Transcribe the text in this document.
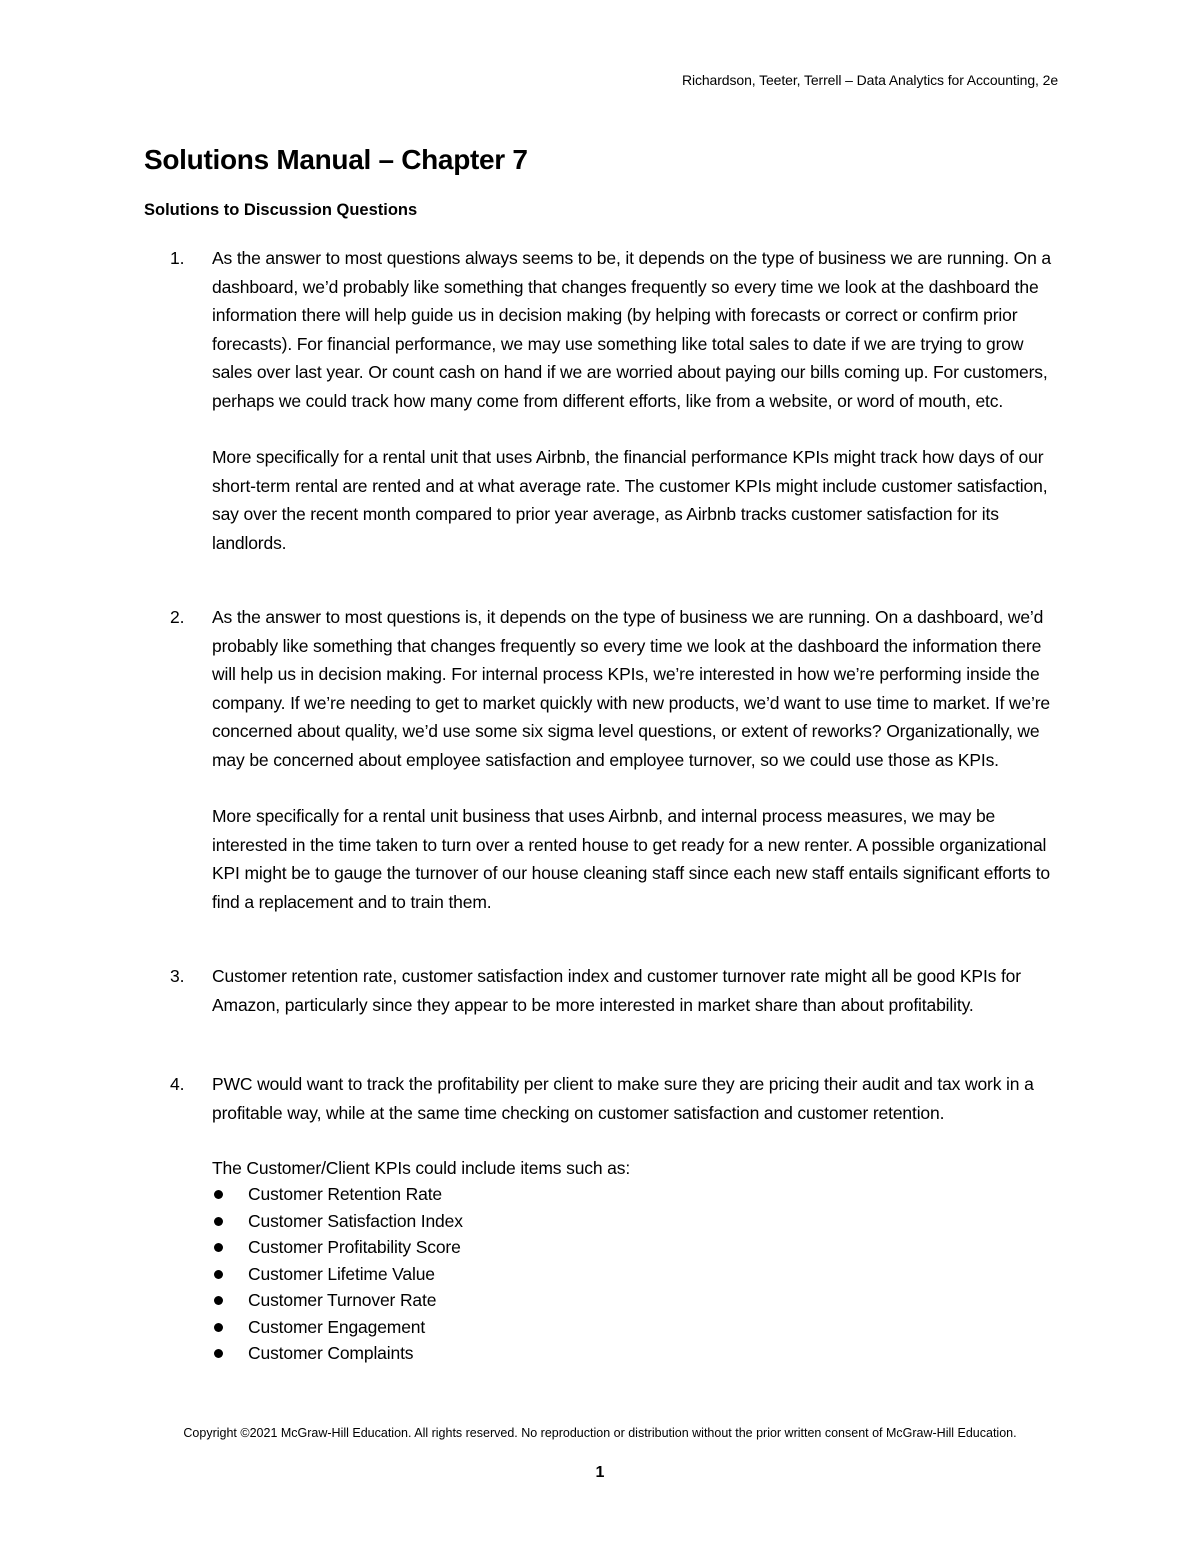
Richardson, Teeter, Terrell – Data Analytics for Accounting, 2e
Solutions Manual – Chapter 7
Solutions to Discussion Questions
1. As the answer to most questions always seems to be, it depends on the type of business we are running. On a dashboard, we’d probably like something that changes frequently so every time we look at the dashboard the information there will help guide us in decision making (by helping with forecasts or correct or confirm prior forecasts). For financial performance, we may use something like total sales to date if we are trying to grow sales over last year. Or count cash on hand if we are worried about paying our bills coming up. For customers, perhaps we could track how many come from different efforts, like from a website, or word of mouth, etc.

More specifically for a rental unit that uses Airbnb, the financial performance KPIs might track how days of our short-term rental are rented and at what average rate. The customer KPIs might include customer satisfaction, say over the recent month compared to prior year average, as Airbnb tracks customer satisfaction for its landlords.

2. As the answer to most questions is, it depends on the type of business we are running. On a dashboard, we’d probably like something that changes frequently so every time we look at the dashboard the information there will help us in decision making. For internal process KPIs, we’re interested in how we’re performing inside the company. If we’re needing to get to market quickly with new products, we’d want to use time to market. If we’re concerned about quality, we’d use some six sigma level questions, or extent of reworks? Organizationally, we may be concerned about employee satisfaction and employee turnover, so we could use those as KPIs.

More specifically for a rental unit business that uses Airbnb, and internal process measures, we may be interested in the time taken to turn over a rented house to get ready for a new renter. A possible organizational KPI might be to gauge the turnover of our house cleaning staff since each new staff entails significant efforts to find a replacement and to train them.

3. Customer retention rate, customer satisfaction index and customer turnover rate might all be good KPIs for Amazon, particularly since they appear to be more interested in market share than about profitability.

4. PWC would want to track the profitability per client to make sure they are pricing their audit and tax work in a profitable way, while at the same time checking on customer satisfaction and customer retention.

The Customer/Client KPIs could include items such as:

Customer Retention Rate
Customer Satisfaction Index
Customer Profitability Score
Customer Lifetime Value
Customer Turnover Rate
Customer Engagement
Customer Complaints
Copyright ©2021 McGraw-Hill Education. All rights reserved. No reproduction or distribution without the prior written consent of McGraw-Hill Education.
1
